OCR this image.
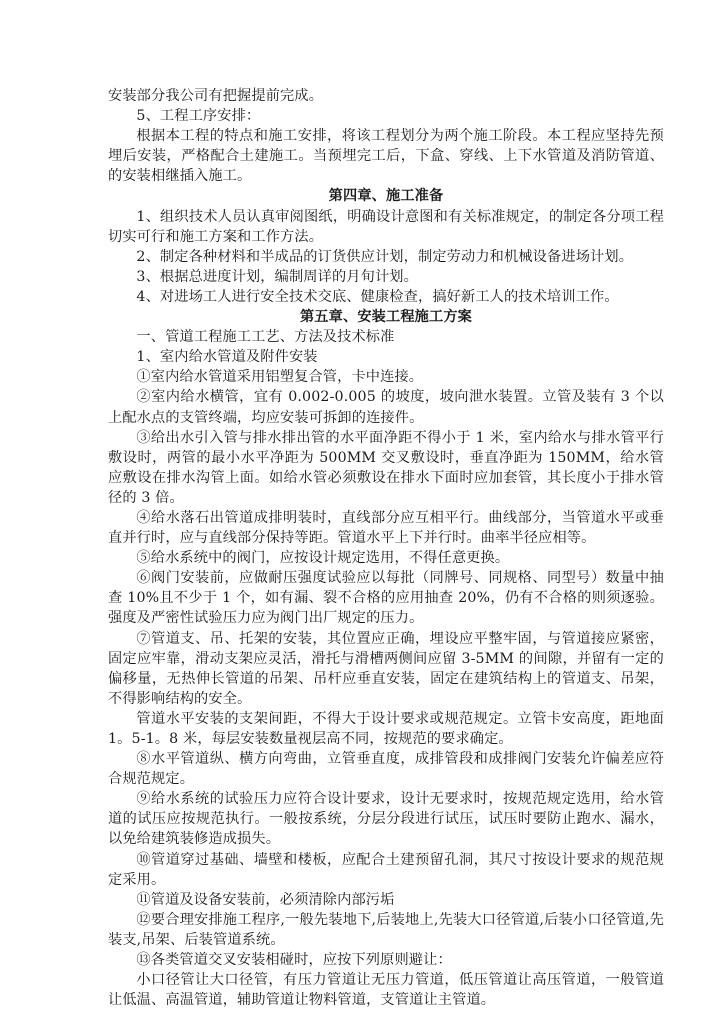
安装部分我公司有把握提前完成。

5、工程工序安排：

根据本工程的特点和施工安排，将该工程划分为两个施工阶段。本工程应坚持先预埋后安装，严格配合土建施工。当预埋完工后，下盒、穿线、上下水管道及消防管道、 的安装相继插入施工。

第四章、施工准备

1、组织技术人员认真审阅图纸，明确设计意图和有关标准规定，的制定各分项工程切实可行和施工方案和工作方法。

2、制定各种材料和半成品的订货供应计划，制定劳动力和机械设备进场计划。

3、根据总进度计划，编制周详的月旬计划。

4、对进场工人进行安全技术交底、健康检查，搞好新工人的技术培训工作。

第五章、安装工程施工方案

一、管道工程施工工艺、方法及技术标准

1、室内给水管道及附件安装

①室内给水管道采用铝塑复合管，卡中连接。

②室内给水横管，宜有 0.002-0.005 的坡度，坡向泄水装置。立管及装有 3 个以上配水点的支管终端，均应安装可拆卸的连接件。

③给出水引入管与排水排出管的水平面净距不得小于 1 米，室内给水与排水管平行敷设时，两管的最小水平净距为 500MM 交叉敷设时，垂直净距为 150MM，给水管应敷设在排水沟管上面。如给水管必须敷设在排水下面时应加套管，其长度小于排水管径的 3 倍。

④给水落石出管道成排明装时，直线部分应互相平行。曲线部分，当管道水平或垂直并行时，应与直线部分保持等距。管道水平上下并行时。曲率半径应相等。

⑤给水系统中的阀门，应按设计规定选用，不得任意更换。

⑥阀门安装前，应做耐压强度试验应以每批（同牌号、同规格、同型号）数量中抽查 10%且不少于 1 个，如有漏、裂不合格的应用抽查 20%，仍有不合格的则须逐验。强度及严密性试验压力应为阀门出厂规定的压力。

⑦管道支、吊、托架的安装，其位置应正确，埋设应平整牢固，与管道接应紧密，固定应牢靠，滑动支架应灵活，滑托与滑槽两侧间应留 3-5MM 的间隙，并留有一定的偏移量，无热伸长管道的吊架、吊杆应垂直安装，固定在建筑结构上的管道支、吊架，不得影响结构的安全。

管道水平安装的支架间距，不得大于设计要求或规范规定。立管卡安高度，距地面 1。5-1。8 米，每层安装数量视层高不同，按规范的要求确定。

⑧水平管道纵、横方向弯曲，立管垂直度，成排管段和成排阀门安装允许偏差应符合规范规定。

⑨给水系统的试验压力应符合设计要求，设计无要求时，按规范规定选用，给水管道的试压应按规范执行。一般按系统，分层分段进行试压，试压时要防止跑水、漏水，以免给建筑装修造成损失。

⑩管道穿过基础、墙壁和楼板，应配合土建预留孔洞，其尺寸按设计要求的规范规定采用。

⑪管道及设备安装前，必须清除内部污垢

⑫要合理安排施工程序,一般先装地下,后装地上,先装大口径管道,后装小口径管道,先装支,吊架、后装管道系统。

⑬各类管道交叉安装相碰时，应按下列原则避让：

小口径管让大口径管，有压力管道让无压力管道，低压管道让高压管道，一般管道让低温、高温管道，辅助管道让物料管道，支管道让主管道。
